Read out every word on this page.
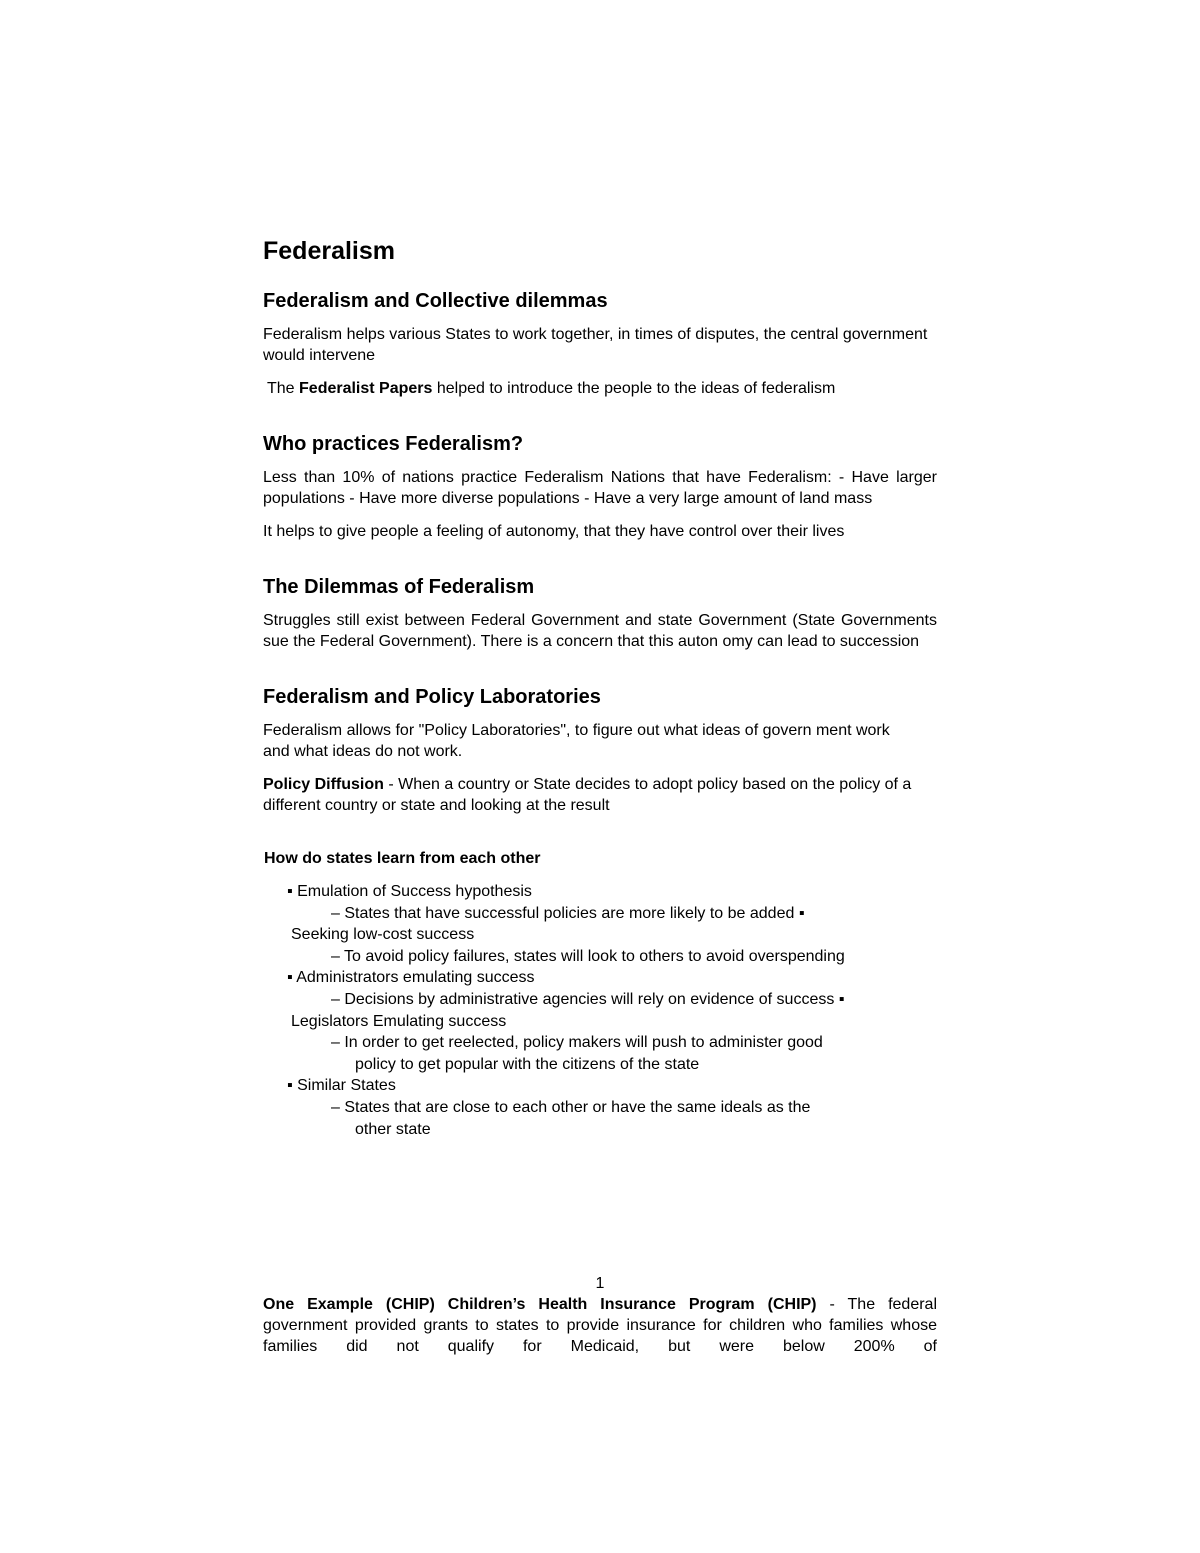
Federalism
Federalism and Collective dilemmas
Federalism helps various States to work together, in times of disputes, the central government would intervene
The Federalist Papers helped to introduce the people to the ideas of federalism
Who practices Federalism?
Less than 10% of nations practice Federalism Nations that have Federalism: - Have larger populations - Have more diverse populations - Have a very large amount of land mass
It helps to give people a feeling of autonomy, that they have control over their lives
The Dilemmas of Federalism
Struggles still exist between Federal Government and state Government (State Governments sue the Federal Government). There is a concern that this auton omy can lead to succession
Federalism and Policy Laboratories
Federalism allows for "Policy Laboratories", to figure out what ideas of govern ment work and what ideas do not work.
Policy Diffusion - When a country or State decides to adopt policy based on the policy of a different country or state and looking at the result
How do states learn from each other
▪ Emulation of Success hypothesis
– States that have successful policies are more likely to be added ▪
Seeking low-cost success
– To avoid policy failures, states will look to others to avoid overspending
▪ Administrators emulating success
– Decisions by administrative agencies will rely on evidence of success ▪
Legislators Emulating success
– In order to get reelected, policy makers will push to administer good
policy to get popular with the citizens of the state
▪ Similar States
– States that are close to each other or have the same ideals as the
other state
1
One Example (CHIP) Children’s Health Insurance Program (CHIP) - The federal government provided grants to states to provide insurance for children who families whose families did not qualify for Medicaid, but were below 200% of
